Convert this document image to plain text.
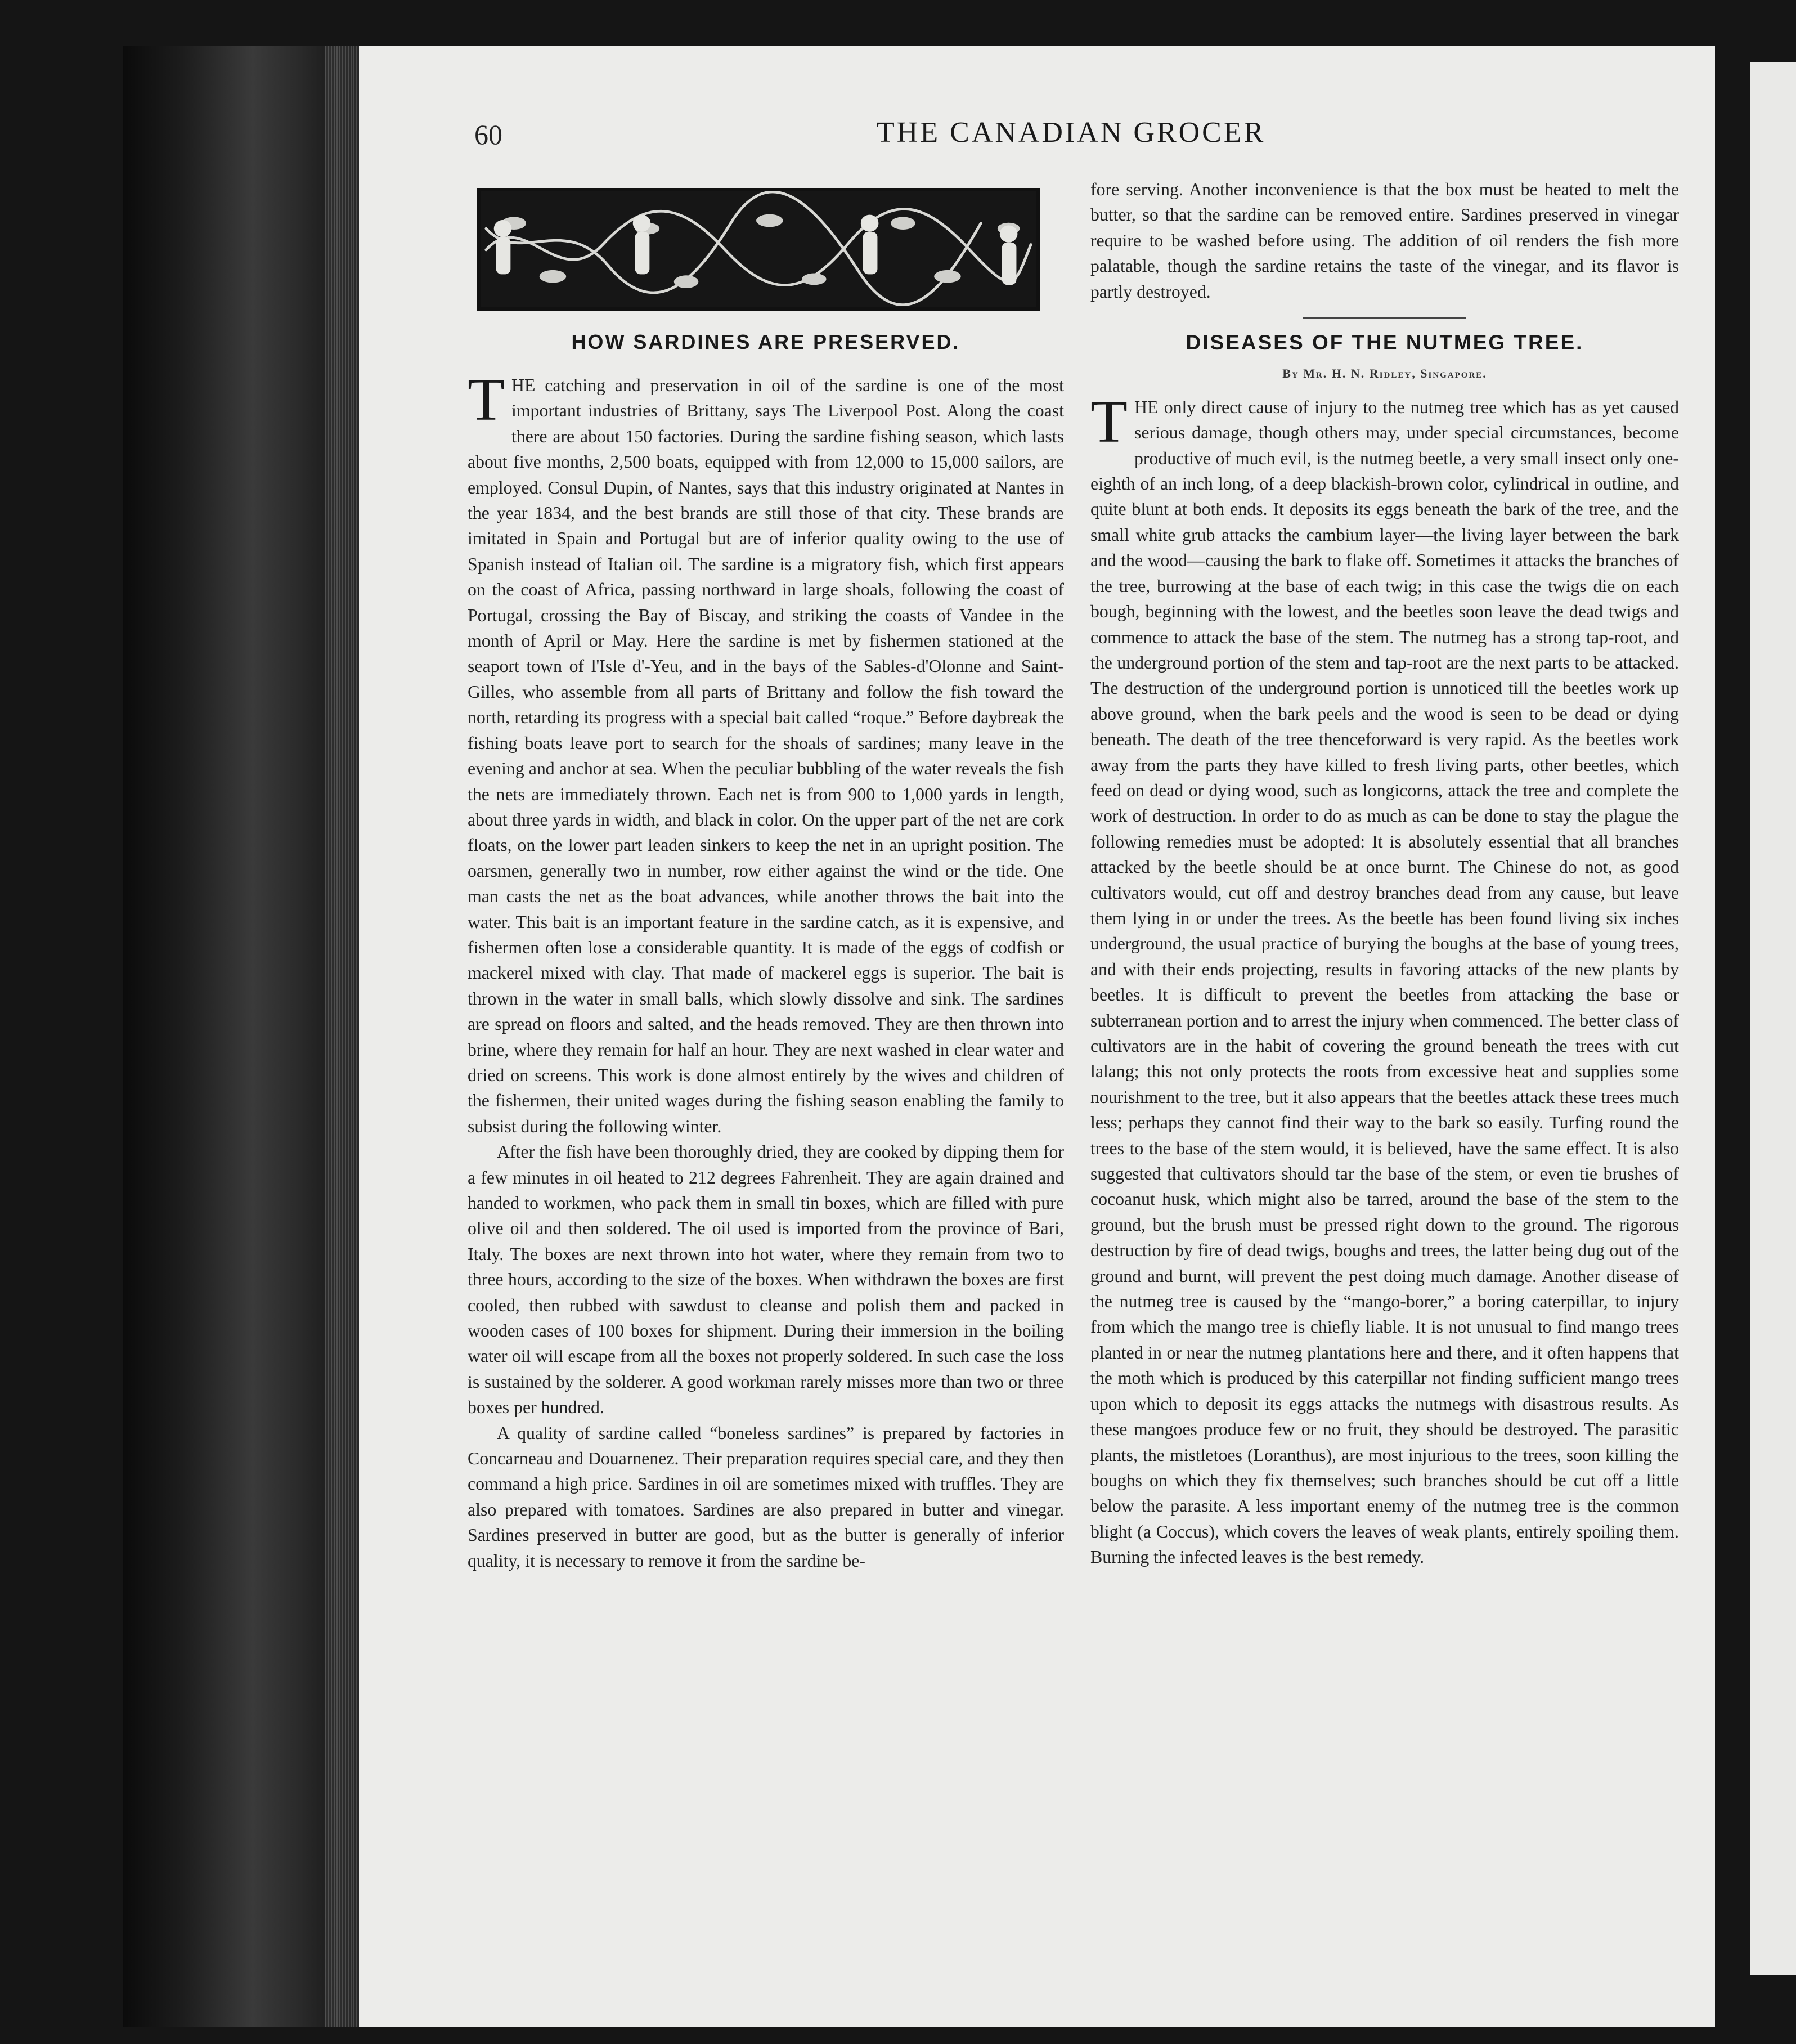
60	THE CANADIAN GROCER
HOW SARDINES ARE PRESERVED.

THE catching and preservation in oil of the sardine is one of the most important industries of Brittany, says The Liverpool Post. Along the coast there are about 150 factories. During the sardine fishing season, which lasts about five months, 2,500 boats, equipped with from 12,000 to 15,000 sailors, are employed. Consul Dupin, of Nantes, says that this industry originated at Nantes in the year 1834, and the best brands are still those of that city. These brands are imitated in Spain and Portugal but are of inferior quality owing to the use of Spanish instead of Italian oil. The sardine is a migratory fish, which first appears on the coast of Africa, passing northward in large shoals, following the coast of Portugal, crossing the Bay of Biscay, and striking the coasts of Vandee in the month of April or May. Here the sardine is met by fishermen stationed at the seaport town of l'Isle d'-Yeu, and in the bays of the Sables-d'Olonne and Saint-Gilles, who assemble from all parts of Brittany and follow the fish toward the north, retarding its progress with a special bait called “roque.” Before daybreak the fishing boats leave port to search for the shoals of sardines; many leave in the evening and anchor at sea. When the peculiar bubbling of the water reveals the fish the nets are immediately thrown. Each net is from 900 to 1,000 yards in length, about three yards in width, and black in color. On the upper part of the net are cork floats, on the lower part leaden sinkers to keep the net in an upright position. The oarsmen, generally two in number, row either against the wind or the tide. One man casts the net as the boat advances, while another throws the bait into the water. This bait is an important feature in the sardine catch, as it is expensive, and fishermen often lose a considerable quantity. It is made of the eggs of codfish or mackerel mixed with clay. That made of mackerel eggs is superior. The bait is thrown in the water in small balls, which slowly dissolve and sink. The sardines are spread on floors and salted, and the heads removed. They are then thrown into brine, where they remain for half an hour. They are next washed in clear water and dried on screens. This work is done almost entirely by the wives and children of the fishermen, their united wages during the fishing season enabling the family to subsist during the following winter.

After the fish have been thoroughly dried, they are cooked by dipping them for a few minutes in oil heated to 212 degrees Fahrenheit. They are again drained and handed to workmen, who pack them in small tin boxes, which are filled with pure olive oil and then soldered. The oil used is imported from the province of Bari, Italy. The boxes are next thrown into hot water, where they remain from two to three hours, according to the size of the boxes. When withdrawn the boxes are first cooled, then rubbed with sawdust to cleanse and polish them and packed in wooden cases of 100 boxes for shipment. During their immersion in the boiling water oil will escape from all the boxes not properly soldered. In such case the loss is sustained by the solderer. A good workman rarely misses more than two or three boxes per hundred.

A quality of sardine called “boneless sardines” is prepared by factories in Concarneau and Douarnenez. Their preparation requires special care, and they then command a high price. Sardines in oil are sometimes mixed with truffles. They are also prepared with tomatoes. Sardines are also prepared in butter and vinegar. Sardines preserved in butter are good, but as the butter is generally of inferior quality, it is necessary to remove it from the sardine be-

fore serving. Another inconvenience is that the box must be heated to melt the butter, so that the sardine can be removed entire. Sardines preserved in vinegar require to be washed before using. The addition of oil renders the fish more palatable, though the sardine retains the taste of the vinegar, and its flavor is partly destroyed.

DISEASES OF THE NUTMEG TREE.
By Mr. H. N. Ridley, Singapore.

THE only direct cause of injury to the nutmeg tree which has as yet caused serious damage, though others may, under special circumstances, become productive of much evil, is the nutmeg beetle, a very small insect only one-eighth of an inch long, of a deep blackish-brown color, cylindrical in outline, and quite blunt at both ends. It deposits its eggs beneath the bark of the tree, and the small white grub attacks the cambium layer—the living layer between the bark and the wood—causing the bark to flake off. Sometimes it attacks the branches of the tree, burrowing at the base of each twig; in this case the twigs die on each bough, beginning with the lowest, and the beetles soon leave the dead twigs and commence to attack the base of the stem. The nutmeg has a strong tap-root, and the underground portion of the stem and tap-root are the next parts to be attacked. The destruction of the underground portion is unnoticed till the beetles work up above ground, when the bark peels and the wood is seen to be dead or dying beneath. The death of the tree thenceforward is very rapid. As the beetles work away from the parts they have killed to fresh living parts, other beetles, which feed on dead or dying wood, such as longicorns, attack the tree and complete the work of destruction. In order to do as much as can be done to stay the plague the following remedies must be adopted: It is absolutely essential that all branches attacked by the beetle should be at once burnt. The Chinese do not, as good cultivators would, cut off and destroy branches dead from any cause, but leave them lying in or under the trees. As the beetle has been found living six inches underground, the usual practice of burying the boughs at the base of young trees, and with their ends projecting, results in favoring attacks of the new plants by beetles. It is difficult to prevent the beetles from attacking the base or subterranean portion and to arrest the injury when commenced. The better class of cultivators are in the habit of covering the ground beneath the trees with cut lalang; this not only protects the roots from excessive heat and supplies some nourishment to the tree, but it also appears that the beetles attack these trees much less; perhaps they cannot find their way to the bark so easily. Turfing round the trees to the base of the stem would, it is believed, have the same effect. It is also suggested that cultivators should tar the base of the stem, or even tie brushes of cocoanut husk, which might also be tarred, around the base of the stem to the ground, but the brush must be pressed right down to the ground. The rigorous destruction by fire of dead twigs, boughs and trees, the latter being dug out of the ground and burnt, will prevent the pest doing much damage. Another disease of the nutmeg tree is caused by the “mango-borer,” a boring caterpillar, to injury from which the mango tree is chiefly liable. It is not unusual to find mango trees planted in or near the nutmeg plantations here and there, and it often happens that the moth which is produced by this caterpillar not finding sufficient mango trees upon which to deposit its eggs attacks the nutmegs with disastrous results. As these mangoes produce few or no fruit, they should be destroyed. The parasitic plants, the mistletoes (Loranthus), are most injurious to the trees, soon killing the boughs on which they fix themselves; such branches should be cut off a little below the parasite. A less important enemy of the nutmeg tree is the common blight (a Coccus), which covers the leaves of weak plants, entirely spoiling them. Burning the infected leaves is the best remedy.
